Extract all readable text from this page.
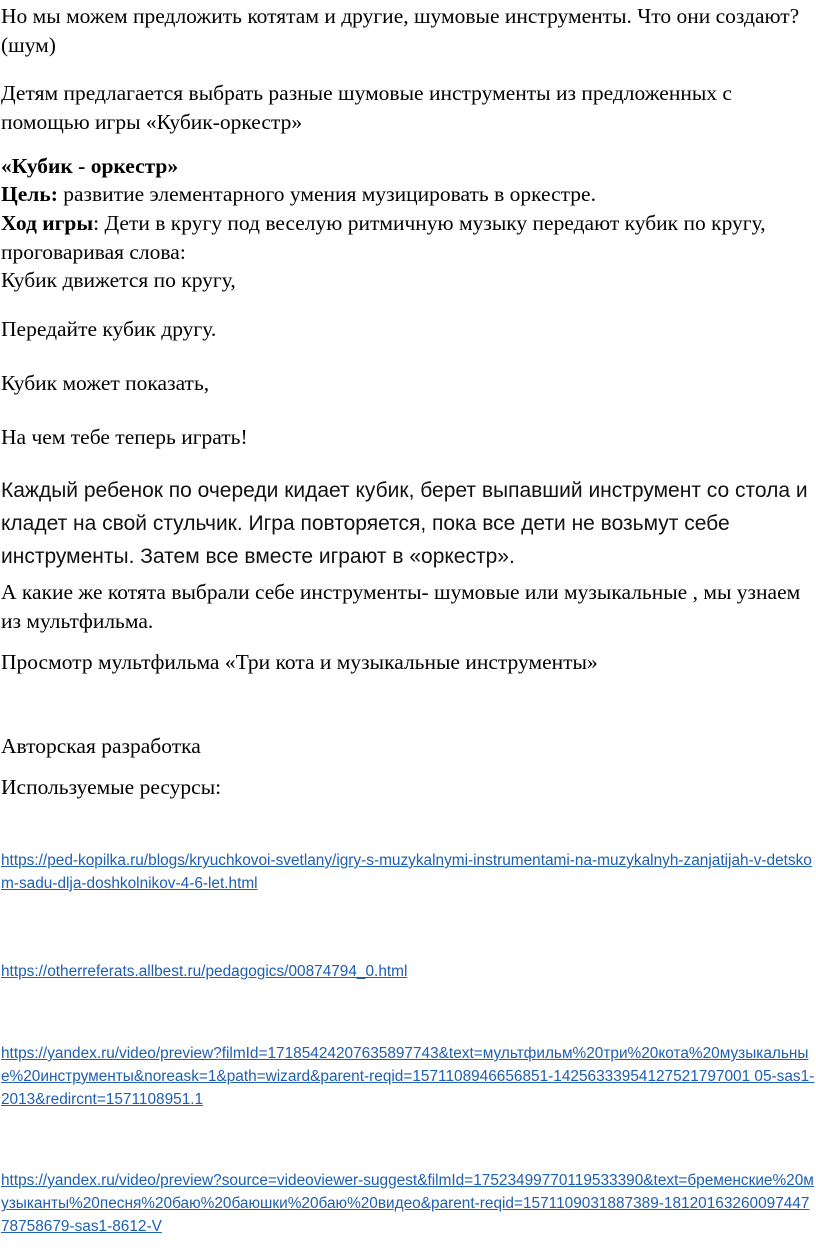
Но мы можем предложить котятам и другие, шумовые инструменты. Что они создают? (шум)

Детям предлагается выбрать разные шумовые инструменты из предложенных с помощью игры «Кубик-оркестр»

«Кубик - оркестр»

Цель: развитие элементарного умения музицировать в оркестре.

Ход игры: Дети в кругу под веселую ритмичную музыку передают кубик по кругу, проговаривая слова:

Кубик движется по кругу,

Передайте кубик другу.

Кубик может показать,

На чем тебе теперь играть!

Каждый ребенок по очереди кидает кубик, берет выпавший инструмент со стола и кладет на свой стульчик. Игра повторяется, пока все дети не возьмут себе инструменты. Затем все вместе играют в «оркестр».

А какие же котята выбрали себе инструменты- шумовые или музыкальные , мы узнаем из мультфильма.

Просмотр мультфильма «Три кота и музыкальные инструменты»

Авторская разработка

Используемые ресурсы:

https://ped-kopilka.ru/blogs/kryuchkovoi-svetlany/igry-s-muzykalnymi-instrumentami-na-muzykalnyh-zanjatijah-v-detskom-sadu-dlja-doshkolnikov-4-6-let.html
https://otherreferats.allbest.ru/pedagogics/00874794_0.html
https://yandex.ru/video/preview?filmId=17185424207635897743&text=мультфильм%20три%20кота%20музыкальные%20инструменты&noreask=1&path=wizard&parent-reqid=1571108946656851-14256333954127521797001 05-sas1-2013&redircnt=1571108951.1
https://yandex.ru/video/preview?source=videoviewer-suggest&filmId=17523499770119533390&text=бременские%20музыканты%20песня%20баю%20баюшки%20баю%20видео&parent-reqid=1571109031887389-1812016326009744778758679-sas1-8612-V
